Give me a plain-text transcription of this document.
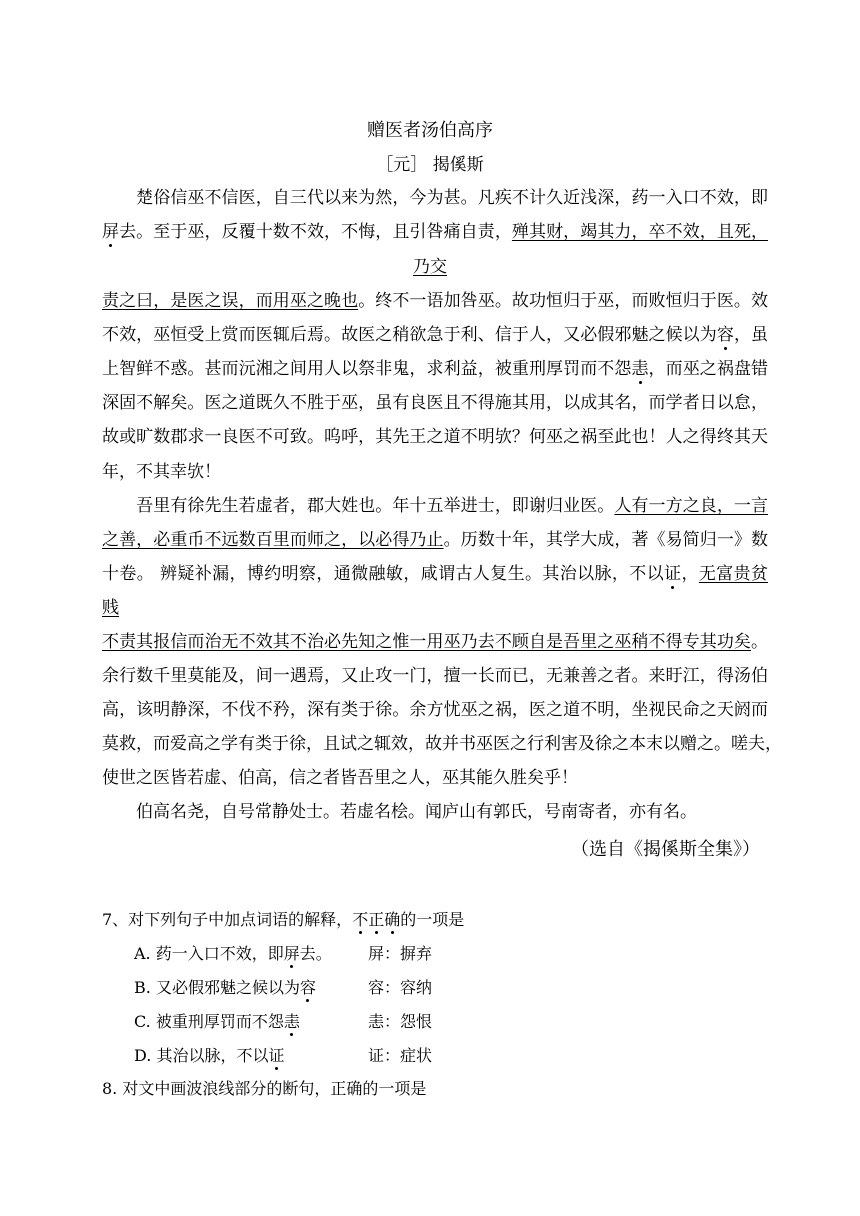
赠医者汤伯高序
［元］ 揭傒斯
　　楚俗信巫不信医，自三代以来为然，今为甚。凡疾不计久近浅深，药一入口不效，即
屏去。至于巫，反覆十数不效，不悔，且引咎痛自责，殚其财，竭其力，卒不效，且死，
乃交
责之曰，是医之误，而用巫之晚也。终不一语加咎巫。故功恒归于巫，而败恒归于医。效
不效，巫恒受上赏而医辄后焉。故医之稍欲急于利、信于人，又必假邪魅之候以为容，虽
上智鲜不惑。甚而沅湘之间用人以祭非鬼，求利益，被重刑厚罚而不怨恚，而巫之祸盘错
深固不解矣。医之道既久不胜于巫，虽有良医且不得施其用，以成其名，而学者日以怠，
故或旷数郡求一良医不可致。呜呼，其先王之道不明欤？何巫之祸至此也！人之得终其天
年，不其幸欤！
　　吾里有徐先生若虚者，郡大姓也。年十五举进士，即谢归业医。人有一方之良，一言
之善，必重币不远数百里而师之，以必得乃止。历数十年，其学大成，著《易简归一》数
十卷。 辨疑补漏，博约明察，通微融敏，咸谓古人复生。其治以脉，不以证，无富贵贫
贱
不责其报信而治无不效其不治必先知之惟一用巫乃去不顾自是吾里之巫稍不得专其功矣。
余行数千里莫能及，间一遇焉，又止攻一门，擅一长而已，无兼善之者。来盱江，得汤伯
高，该明静深，不伐不矜，深有类于徐。余方忧巫之祸，医之道不明，坐视民命之天阏而
莫救，而爱高之学有类于徐，且试之辄效，故并书巫医之行利害及徐之本末以赠之。嗟夫，
使世之医皆若虚、伯高，信之者皆吾里之人，巫其能久胜矣乎！
　　伯高名尧，自号常静处士。若虚名桧。闻庐山有郭氏，号南寄者，亦有名。
（选自《揭傒斯全集》）
7、对下列句子中加点词语的解释，不正确的一项是
A. 药一入口不效，即屏去。 屏：摒弃
B. 又必假邪魅之候以为容	容：容纳
C. 被重刑厚罚而不怨恚	恚：怨恨
D. 其治以脉，不以证	证：症状
8. 对文中画波浪线部分的断句，正确的一项是
